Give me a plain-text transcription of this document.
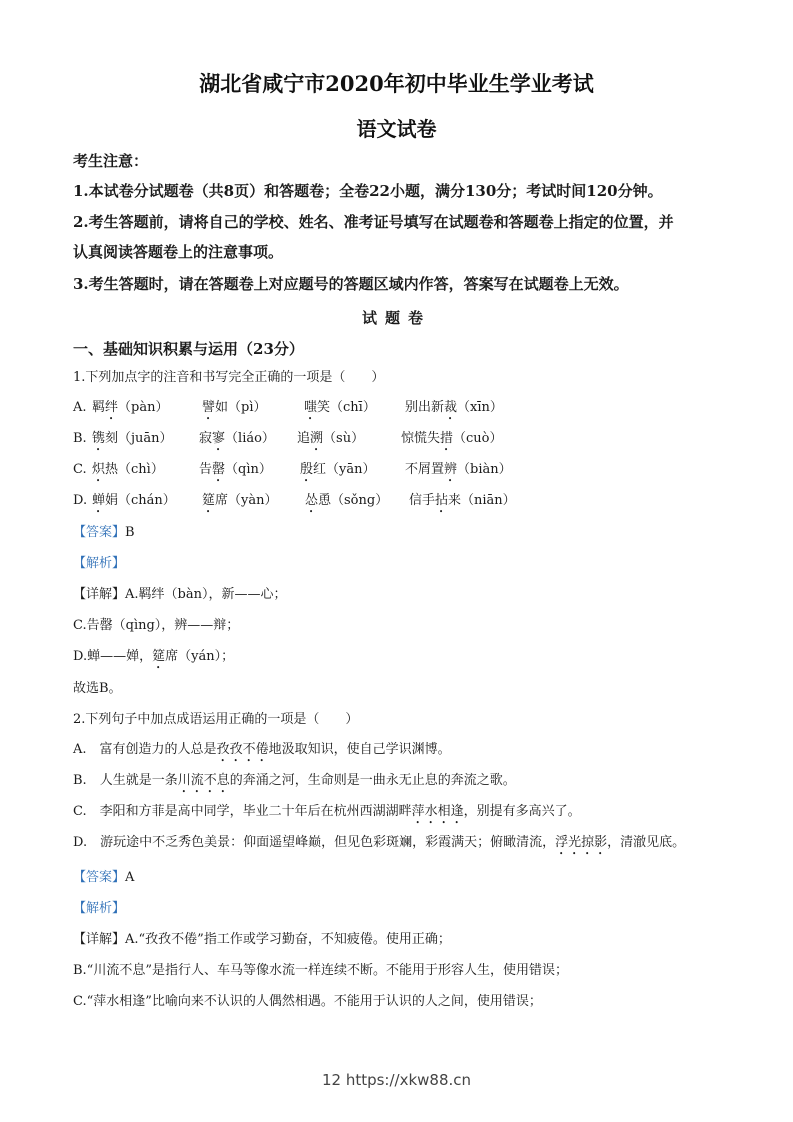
湖北省咸宁市2020年初中毕业生学业考试
语文试卷
考生注意：
1.本试卷分试题卷（共8页）和答题卷；全卷22小题，满分130分；考试时间120分钟。
2.考生答题前，请将自己的学校、姓名、准考证号填写在试题卷和答题卷上指定的位置，并
认真阅读答题卷上的注意事项。
3.考生答题时，请在答题卷上对应题号的答题区域内作答，答案写在试题卷上无效。
试题卷
一、基础知识积累与运用（23分）
1.下列加点字的注音和书写完全正确的一项是（　　）
A. 羁绊（pàn）	譬如（pì）	嗤笑（chī） 别出新裁（xīn）
B. 镌刻（juān） 寂寥（liáo） 追溯（sù）	惊慌失措（cuò）
C. 炽热（chì）	告罄（qìn） 殷红（yān） 不屑置辨（biàn）
D. 蝉娟（chán） 筵席（yàn） 怂恿（sǒng） 信手拈来（niān）
【答案】B
【解析】
【详解】A.羁绊（bàn），新——心；
C.告罄（qìng），辨——辩；
D.蝉——婵，筵席（yán）；
故选B。
2.下列句子中加点成语运用正确的一项是（　　）
A.　 富有创造力的人总是孜孜不倦地汲取知识，使自己学识渊博。
B.　 人生就是一条川流不息的奔涌之河，生命则是一曲永无止息的奔流之歌。
C.　 李阳和方菲是高中同学，毕业二十年后在杭州西湖湖畔萍水相逢，别提有多高兴了。
D.　 游玩途中不乏秀色美景：仰面遥望峰巅，但见色彩斑斓，彩霞满天；俯瞰清流，浮光掠影，清澈见底。
【答案】A
【解析】
【详解】A.“孜孜不倦”指工作或学习勤奋，不知疲倦。使用正确；
B.“川流不息”是指行人、车马等像水流一样连续不断。不能用于形容人生，使用错误；
C.“萍水相逢”比喻向来不认识的人偶然相遇。不能用于认识的人之间，使用错误；
12 https://xkw88.cn
